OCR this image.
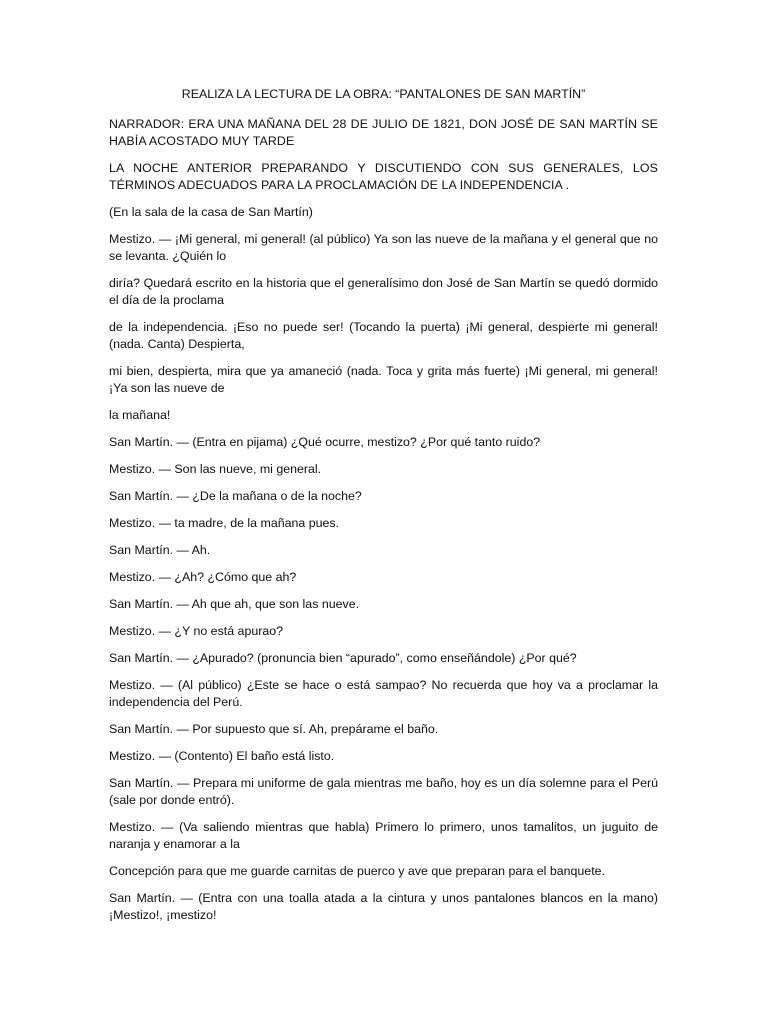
REALIZA LA LECTURA DE LA OBRA: “PANTALONES DE SAN MARTÍN”

NARRADOR: ERA UNA MAÑANA DEL 28 DE JULIO DE 1821, DON JOSÉ DE SAN MARTÍN SE HABÍA ACOSTADO MUY TARDE

LA NOCHE ANTERIOR PREPARANDO Y DISCUTIENDO CON SUS GENERALES, LOS TÉRMINOS ADECUADOS PARA LA PROCLAMACIÓN DE LA INDEPENDENCIA .

(En la sala de la casa de San Martín)

Mestizo. — ¡Mi general, mi general! (al público) Ya son las nueve de la mañana y el general que no se levanta. ¿Quién lo

diría? Quedará escrito en la historia que el generalísimo don José de San Martín se quedó dormido el día de la proclama

de la independencia. ¡Eso no puede ser! (Tocando la puerta) ¡Mi general, despierte mi general! (nada. Canta) Despierta,

mi bien, despierta, mira que ya amaneció (nada. Toca y grita más fuerte) ¡Mi general, mi general! ¡Ya son las nueve de

la mañana!

San Martín. — (Entra en pijama) ¿Qué ocurre, mestizo? ¿Por qué tanto ruido?

Mestizo. — Son las nueve, mi general.

San Martín. — ¿De la mañana o de la noche?

Mestizo. — ta madre, de la mañana pues.

San Martín. — Ah.

Mestizo. — ¿Ah? ¿Cómo que ah?

San Martín. — Ah que ah, que son las nueve.

Mestizo. — ¿Y no está apurao?

San Martín. — ¿Apurado? (pronuncia bien “apurado”, como enseñándole) ¿Por qué?

Mestizo. — (Al público) ¿Este se hace o está sampao? No recuerda que hoy va a proclamar la independencia del Perú.

San Martín. — Por supuesto que sí. Ah, prepárame el baño.

Mestizo. — (Contento) El baño está listo.

San Martín. — Prepara mi uniforme de gala mientras me baño, hoy es un día solemne para el Perú (sale por donde entró).

Mestizo. — (Va saliendo mientras que habla) Primero lo primero, unos tamalitos, un juguito de naranja y enamorar a la

Concepción para que me guarde carnitas de puerco y ave que preparan para el banquete.

San Martín. — (Entra con una toalla atada a la cintura y unos pantalones blancos en la mano) ¡Mestizo!, ¡mestizo!
